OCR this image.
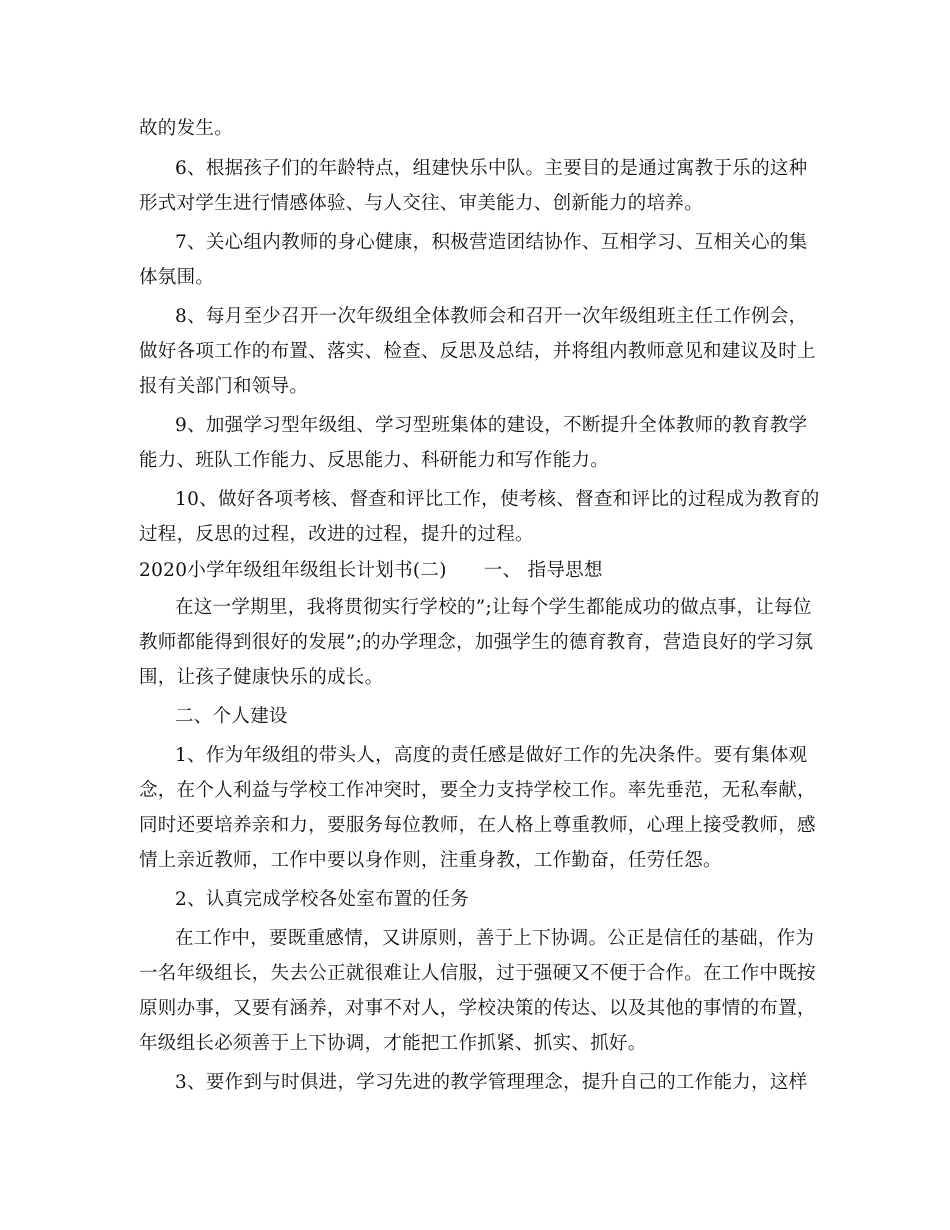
故的发生。

6、根据孩子们的年龄特点，组建快乐中队。主要目的是通过寓教于乐的这种

形式对学生进行情感体验、与人交往、审美能力、创新能力的培养。

7、关心组内教师的身心健康，积极营造团结协作、互相学习、互相关心的集

体氛围。

8、每月至少召开一次年级组全体教师会和召开一次年级组班主任工作例会，

做好各项工作的布置、落实、检查、反思及总结，并将组内教师意见和建议及时上

报有关部门和领导。

9、加强学习型年级组、学习型班集体的建设，不断提升全体教师的教育教学

能力、班队工作能力、反思能力、科研能力和写作能力。

10、做好各项考核、督查和评比工作，使考核、督查和评比的过程成为教育的

过程，反思的过程，改进的过程，提升的过程。

2020小学年级组年级组长计划书(二)      一、 指导思想

在这一学期里，我将贯彻实行学校的”;让每个学生都能成功的做点事，让每位

教师都能得到很好的发展”;的办学理念，加强学生的德育教育，营造良好的学习氛

围，让孩子健康快乐的成长。

二、个人建设

1、作为年级组的带头人，高度的责任感是做好工作的先决条件。要有集体观

念，在个人利益与学校工作冲突时，要全力支持学校工作。率先垂范，无私奉献，

同时还要培养亲和力，要服务每位教师，在人格上尊重教师，心理上接受教师，感

情上亲近教师，工作中要以身作则，注重身教，工作勤奋，任劳任怨。

2、认真完成学校各处室布置的任务

在工作中，要既重感情，又讲原则，善于上下协调。公正是信任的基础，作为

一名年级组长，失去公正就很难让人信服，过于强硬又不便于合作。在工作中既按

原则办事，又要有涵养，对事不对人，学校决策的传达、以及其他的事情的布置，

年级组长必须善于上下协调，才能把工作抓紧、抓实、抓好。

3、要作到与时俱进，学习先进的教学管理理念，提升自己的工作能力，这样
